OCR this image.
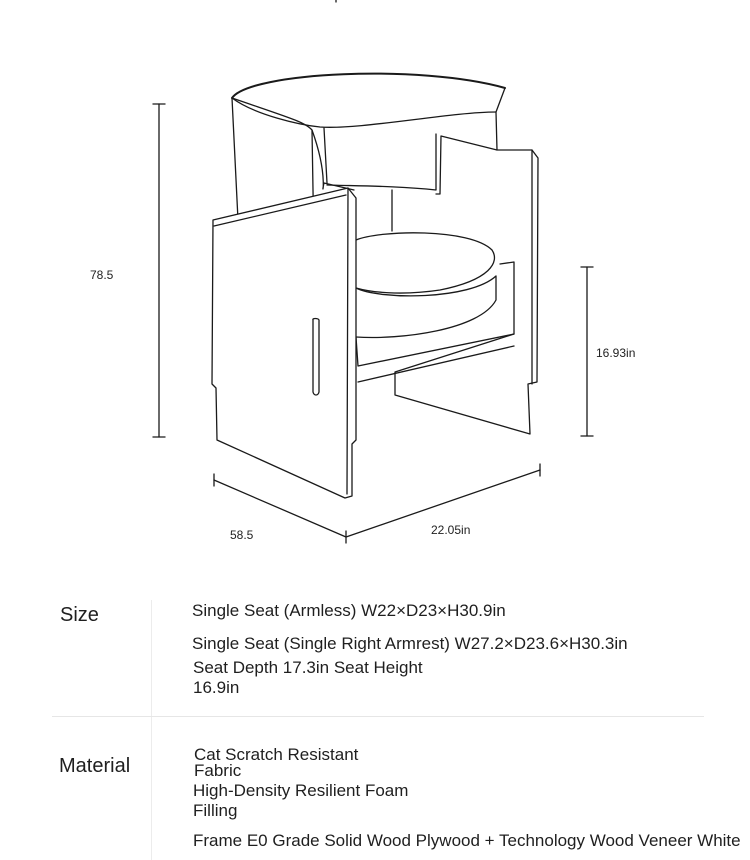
78.5
58.5	22.05in
16.93in
Size	Single Seat (Armless) W22×D23×H30.9in
Single Seat (Single Right Armrest) W27.2×D23.6×H30.3in
Seat Depth 17.3in Seat Height
16.9in
Material
Cat Scratch Resistant
Fabric
High-Density Resilient Foam
Filling
Frame E0 Grade Solid Wood Plywood + Technology Wood Veneer White
